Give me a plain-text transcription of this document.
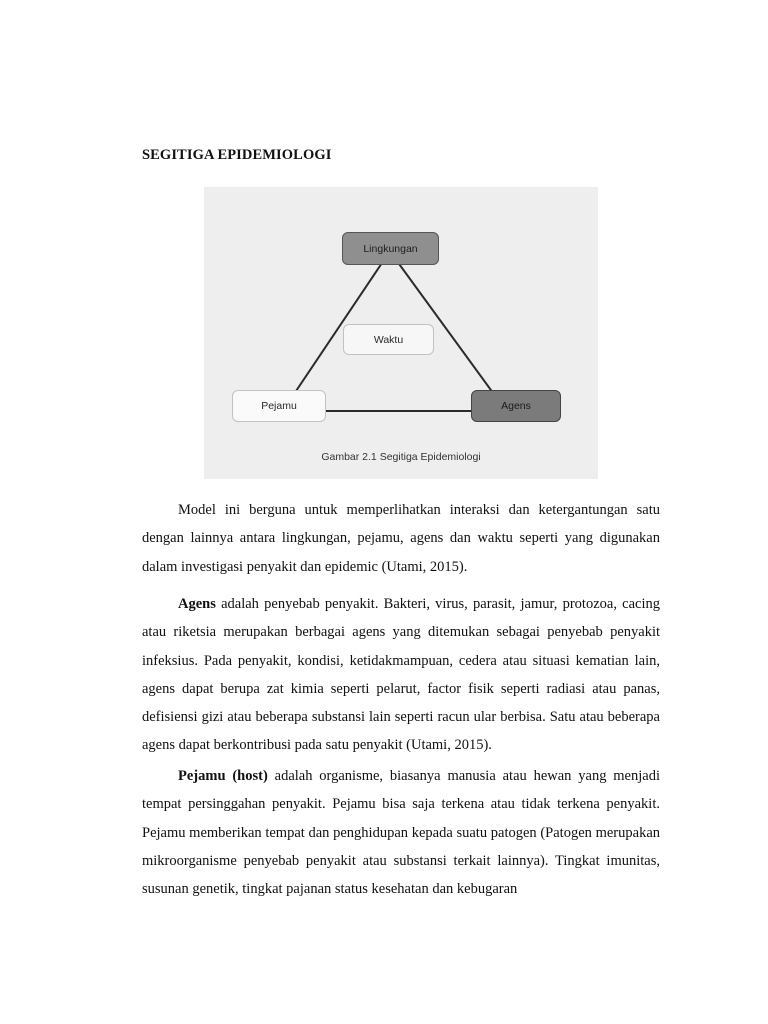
SEGITIGA EPIDEMIOLOGI
Lingkungan
Waktu
Pejamu	Agens
Gambar 2.1 Segitiga Epidemiologi

Model ini berguna untuk memperlihatkan interaksi dan ketergantungan satu dengan lainnya antara lingkungan, pejamu, agens dan waktu seperti yang digunakan dalam investigasi penyakit dan epidemic (Utami, 2015).

Agens adalah penyebab penyakit. Bakteri, virus, parasit, jamur, protozoa, cacing atau riketsia merupakan berbagai agens yang ditemukan sebagai penyebab penyakit infeksius. Pada penyakit, kondisi, ketidakmampuan, cedera atau situasi kematian lain, agens dapat berupa zat kimia seperti pelarut, factor fisik seperti radiasi atau panas, defisiensi gizi atau beberapa substansi lain seperti racun ular berbisa. Satu atau beberapa agens dapat berkontribusi pada satu penyakit (Utami, 2015).

Pejamu (host) adalah organisme, biasanya manusia atau hewan yang menjadi tempat persinggahan penyakit. Pejamu bisa saja terkena atau tidak terkena penyakit. Pejamu memberikan tempat dan penghidupan kepada suatu patogen (Patogen merupakan mikroorganisme penyebab penyakit atau substansi terkait lainnya). Tingkat imunitas, susunan genetik, tingkat pajanan status kesehatan dan kebugaran
